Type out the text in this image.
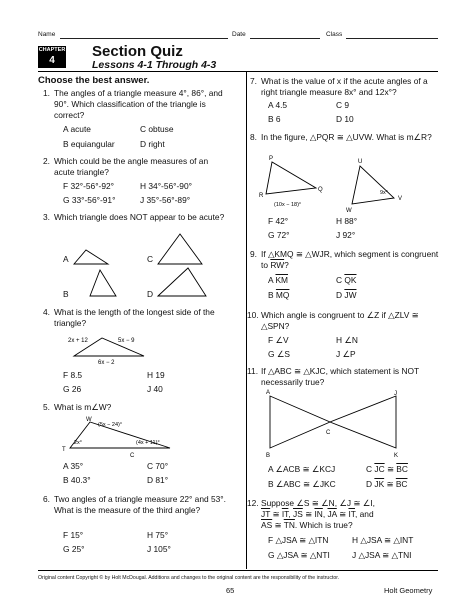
Name	Date	Class
CHAPTER
4
Section Quiz
Lessons 4-1 Through 4-3
Choose the best answer.
1. The angles of a triangle measure 4°, 86°, and 90°. Which classification of the triangle is correct?
A acute	C obtuse
B equiangular	D right
2. Which could be the angle measures of an acute triangle?
F 32°-56°-92°	H 34°-56°-90°
G 33°-56°-91°	J 35°-56°-89°
3. Which triangle does NOT appear to be acute?
A	C
B	D
4. What is the length of the longest side of the triangle?
2x + 12	5x − 9
6x − 2
F 8.5	H 19
G 26	J 40
5. What is m∠W?
W
T
C
(5x − 24)°
2x°	(4x + 11)°
A 35°	C 70°
B 40.3°	D 81°
6. Two angles of a triangle measure 22° and 53°. What is the measure of the third angle?
F 15°	H 75°
G 25°	J 105°
7. What is the value of x if the acute angles of a right triangle measure 8x° and 12x°?
A 4.5	C 9
B 6	D 10
8. In the figure, △PQR ≅ △UVW. What is m∠R?
P
Q
R
(10x − 18)°
U
V
W
9x°
F 42°	H 88°
G 72°	J 92°
9. If △KMQ ≅ △WJR, which segment is congruent to $\overline{RW}$?
A $\overline{KM}$	C $\overline{QK}$
B $\overline{MQ}$	D $\overline{JW}$
10. Which angle is congruent to ∠Z if △ZLV ≅ △SPN?
F ∠V	H ∠N
G ∠S	J ∠P
11. If △ABC ≅ △KJC, which statement is NOT necessarily true?
A	J
C
B	K
A ∠ACB ≅ ∠KCJ	C $\overline{JC}$ ≅ $\overline{BC}$
B ∠ABC ≅ ∠JKC	D $\overline{JK}$ ≅ $\overline{BC}$
12. Suppose ∠S ≅ ∠N, ∠J ≅ ∠I,
$\overline{JT}$ ≅ $\overline{IT}$, $\overline{JS}$ ≅ $\overline{IN}$, $\overline{JA}$ ≅ $\overline{IT}$, and
$\overline{AS}$ ≅ $\overline{TN}$. Which is true?
F △JSA ≅ △ITN	H △JSA ≅ △INT
G △JSA ≅ △NTI	J △JSA ≅ △TNI
Original content Copyright © by Holt McDougal. Additions and changes to the original content are the responsibility of the instructor.
65	Holt Geometry
